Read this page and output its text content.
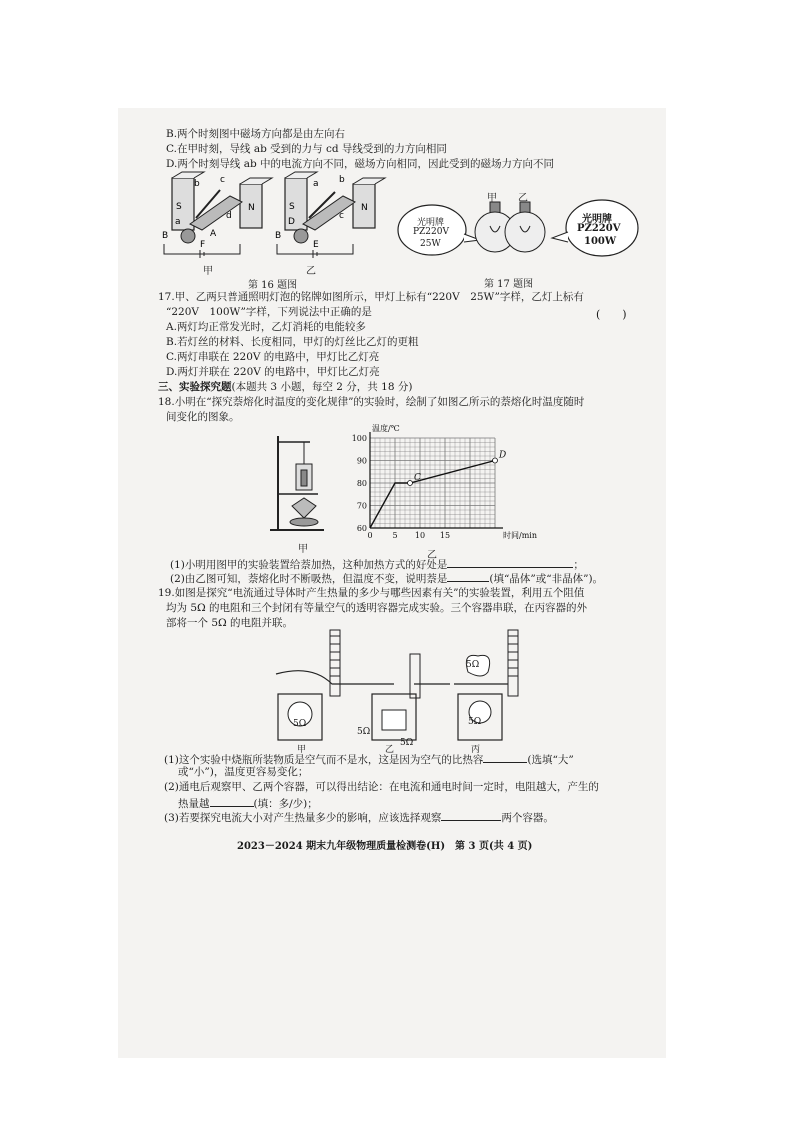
B.两个时刻图中磁场方向都是由左向右
C.在甲时刻，导线 ab 受到的力与 cd 导线受到的力方向相同
D.两个时刻导线 ab 中的电流方向不同，磁场方向相同，因此受到的磁场力方向不同
S	N
b c
a
d
B	A
F
甲
S	N
a b
D
c
B
E
乙
第 16 题图
甲 乙
光明牌
PZ220V
25W
光明牌
PZ220V
100W
第 17 题图
17.甲、乙两只普通照明灯泡的铭牌如图所示，甲灯上标有“220V　25W”字样，乙灯上标有
“220V　100W”字样，下列说法中正确的是	(　　)
A.两灯均正常发光时，乙灯消耗的电能较多
B.若灯丝的材料、长度相同，甲灯的灯丝比乙灯的更粗
C.两灯串联在 220V 的电路中，甲灯比乙灯亮
D.两灯并联在 220V 的电路中，甲灯比乙灯亮
三、实验探究题(本题共 3 小题，每空 2 分，共 18 分)
18.小明在“探究萘熔化时温度的变化规律”的实验时，绘制了如图乙所示的萘熔化时温度随时
间变化的图象。
甲
60
70
80
90
100
0 5 10 15
温度/℃
时间/min
C
D
乙
(1)小明用图甲的实验装置给萘加热，这种加热方式的好处是	；
(2)由乙图可知，萘熔化时不断吸热，但温度不变，说明萘是	(填“晶体”或“非晶体”)。
19.如图是探究“电流通过导体时产生热量的多少与哪些因素有关”的实验装置，利用五个阻值
均为 5Ω 的电阻和三个封闭有等量空气的透明容器完成实验。三个容器串联，在丙容器的外
部将一个 5Ω 的电阻并联。
5Ω
5Ω
5Ω
5Ω
5Ω
甲	乙	丙
(1)这个实验中烧瓶所装物质是空气而不是水，这是因为空气的比热容	(选填“大”
或“小”)，温度更容易变化；
(2)通电后观察甲、乙两个容器，可以得出结论：在电流和通电时间一定时，电阻越大，产生的
热量越	(填：多/少)；
(3)若要探究电流大小对产生热量多少的影响，应该选择观察	两个容器。
2023－2024 期末九年级物理质量检测卷(H)　第 3 页(共 4 页)
